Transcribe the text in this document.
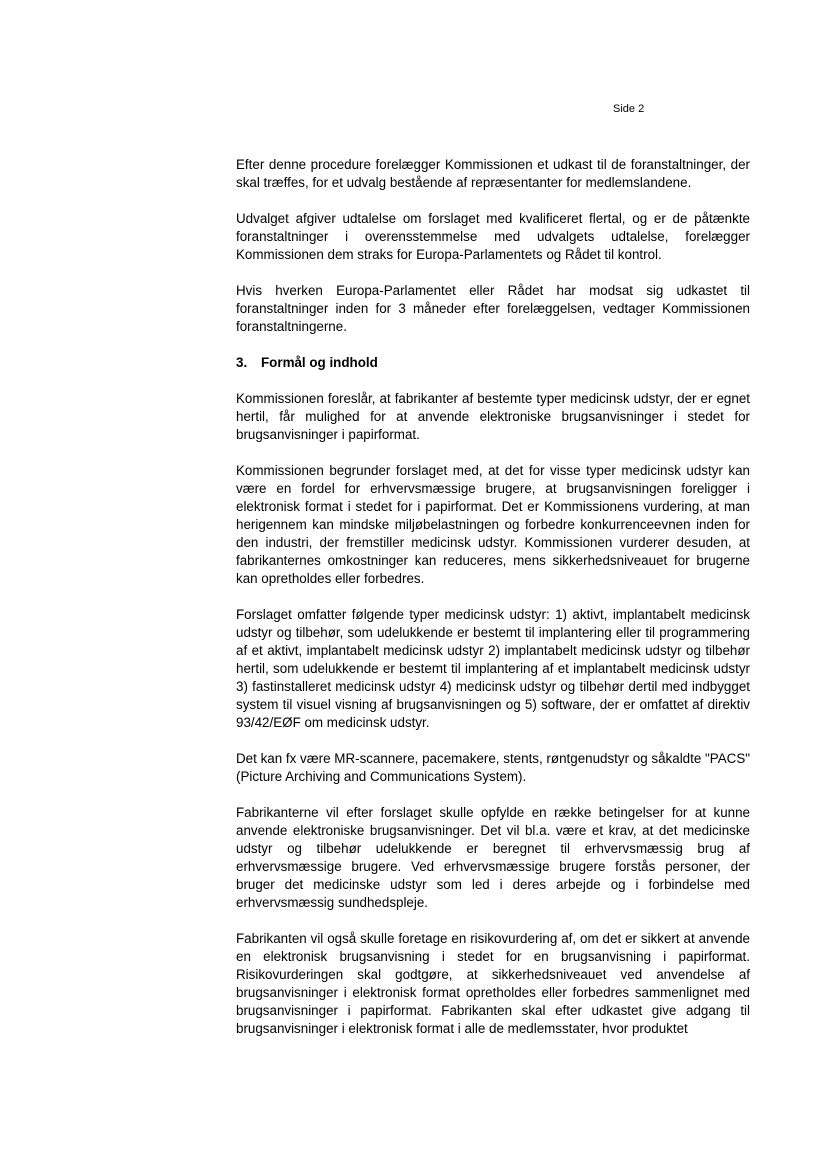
Side 2

Efter denne procedure forelægger Kommissionen et udkast til de foranstaltninger, der skal træffes, for et udvalg bestående af repræsentanter for medlemslandene.

Udvalget afgiver udtalelse om forslaget med kvalificeret flertal, og er de påtænkte foranstaltninger i overensstemmelse med udvalgets udtalelse, forelægger Kommissionen dem straks for Europa-Parlamentets og Rådet til kontrol.

Hvis hverken Europa-Parlamentet eller Rådet har modsat sig udkastet til foranstaltninger inden for 3 måneder efter forelæggelsen, vedtager Kommissionen foranstaltningerne.

3.	Formål og indhold

Kommissionen foreslår, at fabrikanter af bestemte typer medicinsk udstyr, der er egnet hertil, får mulighed for at anvende elektroniske brugsanvisninger i stedet for brugsanvisninger i papirformat.

Kommissionen begrunder forslaget med, at det for visse typer medicinsk udstyr kan være en fordel for erhvervsmæssige brugere, at brugsanvisningen foreligger i elektronisk format i stedet for i papirformat. Det er Kommissionens vurdering, at man herigennem kan mindske miljøbelastningen og forbedre konkurrenceevnen inden for den industri, der fremstiller medicinsk udstyr. Kommissionen vurderer desuden, at fabrikanternes omkostninger kan reduceres, mens sikkerhedsniveauet for brugerne kan opretholdes eller forbedres.

Forslaget omfatter følgende typer medicinsk udstyr: 1) aktivt, implantabelt medicinsk udstyr og tilbehør, som udelukkende er bestemt til implantering eller til programmering af et aktivt, implantabelt medicinsk udstyr 2) implantabelt medicinsk udstyr og tilbehør hertil, som udelukkende er bestemt til implantering af et implantabelt medicinsk udstyr 3) fastinstalleret medicinsk udstyr 4) medicinsk udstyr og tilbehør dertil med indbygget system til visuel visning af brugsanvisningen og 5) software, der er omfattet af direktiv 93/42/EØF om medicinsk udstyr.

Det kan fx være MR-scannere, pacemakere, stents, røntgenudstyr og såkaldte "PACS" (Picture Archiving and Communications System).

Fabrikanterne vil efter forslaget skulle opfylde en række betingelser for at kunne anvende elektroniske brugsanvisninger. Det vil bl.a. være et krav, at det medicinske udstyr og tilbehør udelukkende er beregnet til erhvervsmæssig brug af erhvervsmæssige brugere. Ved erhvervsmæssige brugere forstås personer, der bruger det medicinske udstyr som led i deres arbejde og i forbindelse med erhvervsmæssig sundhedspleje.

Fabrikanten vil også skulle foretage en risikovurdering af, om det er sikkert at anvende en elektronisk brugsanvisning i stedet for en brugsanvisning i papirformat. Risikovurderingen skal godtgøre, at sikkerhedsniveauet ved anvendelse af brugsanvisninger i elektronisk format opretholdes eller forbedres sammenlignet med brugsanvisninger i papirformat. Fabrikanten skal efter udkastet give adgang til brugsanvisninger i elektronisk format i alle de medlemsstater, hvor produktet
